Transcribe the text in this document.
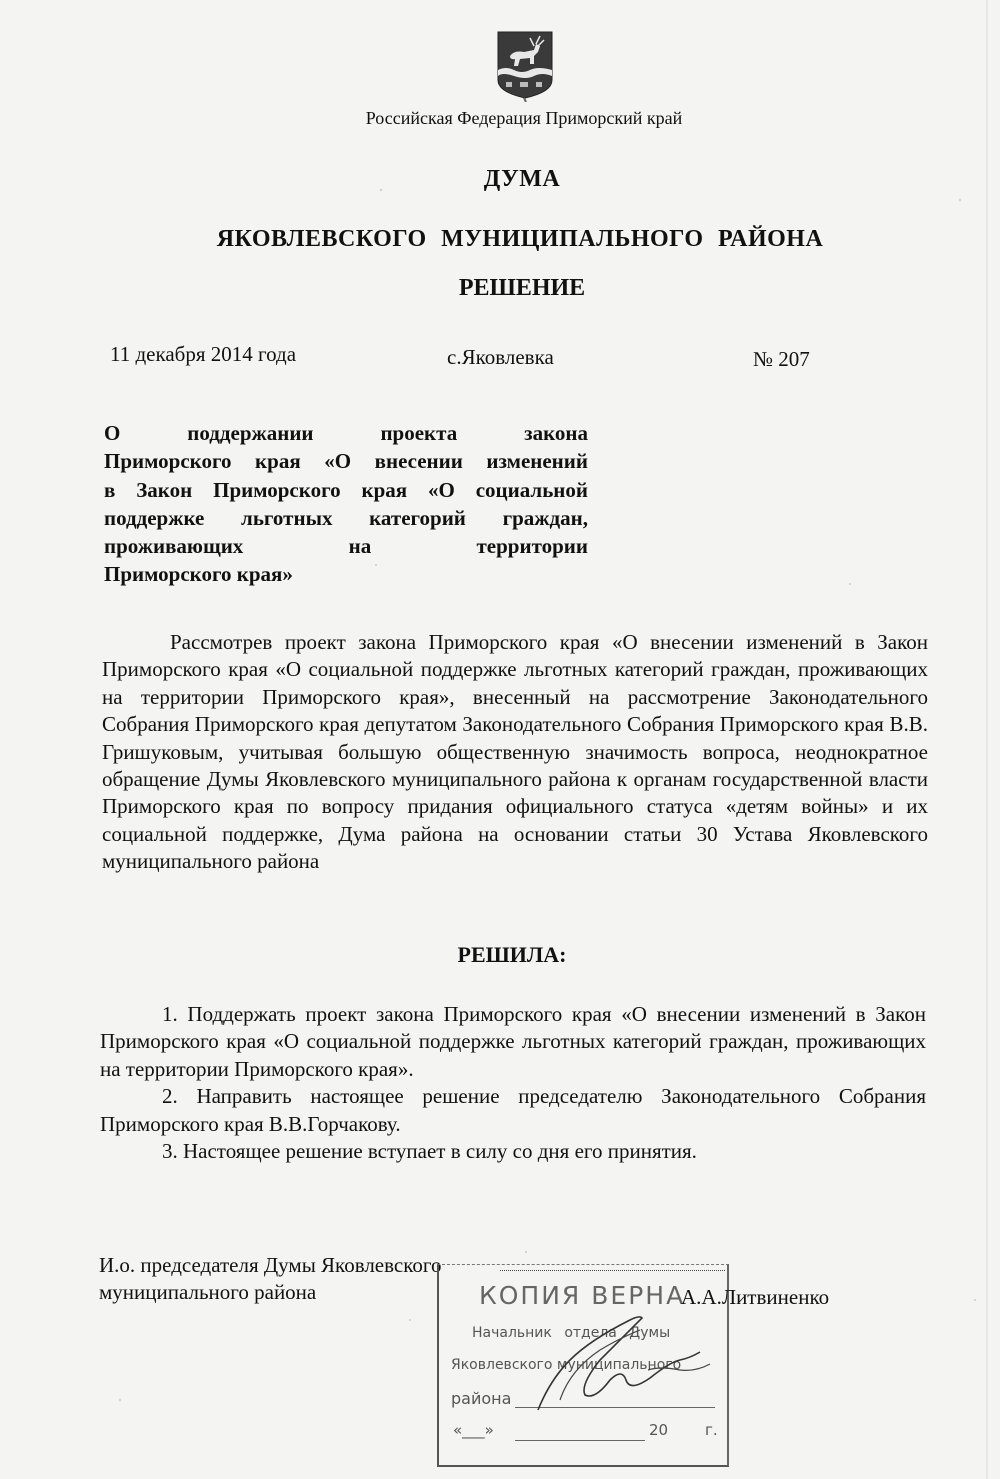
Российская Федерация Приморский край
ДУМА
ЯКОВЛЕВСКОГО МУНИЦИПАЛЬНОГО РАЙОНА
РЕШЕНИЕ
11 декабря 2014 года	с.Яковлевка	№ 207
О поддержании проекта закона
Приморского края «О внесении изменений
в Закон Приморского края «О социальной
поддержке льготных категорий граждан,
проживающих на территории
Приморского края»
Рассмотрев проект закона Приморского края «О внесении изменений в Закон Приморского края «О социальной поддержке льготных категорий граждан, проживающих на территории Приморского края», внесенный на рассмотрение Законодательного Собрания Приморского края депутатом Законодательного Собрания Приморского края В.В. Гришуковым, учитывая большую общественную значимость вопроса, неоднократное обращение Думы Яковлевского муниципального района к органам государственной власти Приморского края по вопросу придания официального статуса «детям войны» и их социальной поддержке, Дума района на основании статьи 30 Устава Яковлевского муниципального района
РЕШИЛА:

1. Поддержать проект закона Приморского края «О внесении изменений в Закон Приморского края «О социальной поддержке льготных категорий граждан, проживающих на территории Приморского края».

2. Направить настоящее решение председателю Законодательного Собрания Приморского края В.В.Горчакову.

3. Настоящее решение вступает в силу со дня его принятия.

И.о. председателя Думы Яковлевского
муниципального района	КОПИЯ ВЕРНА
Начальник отдела Думы
Яковлевского муниципального
района
«___»	20 г.
А.А.Литвиненко
